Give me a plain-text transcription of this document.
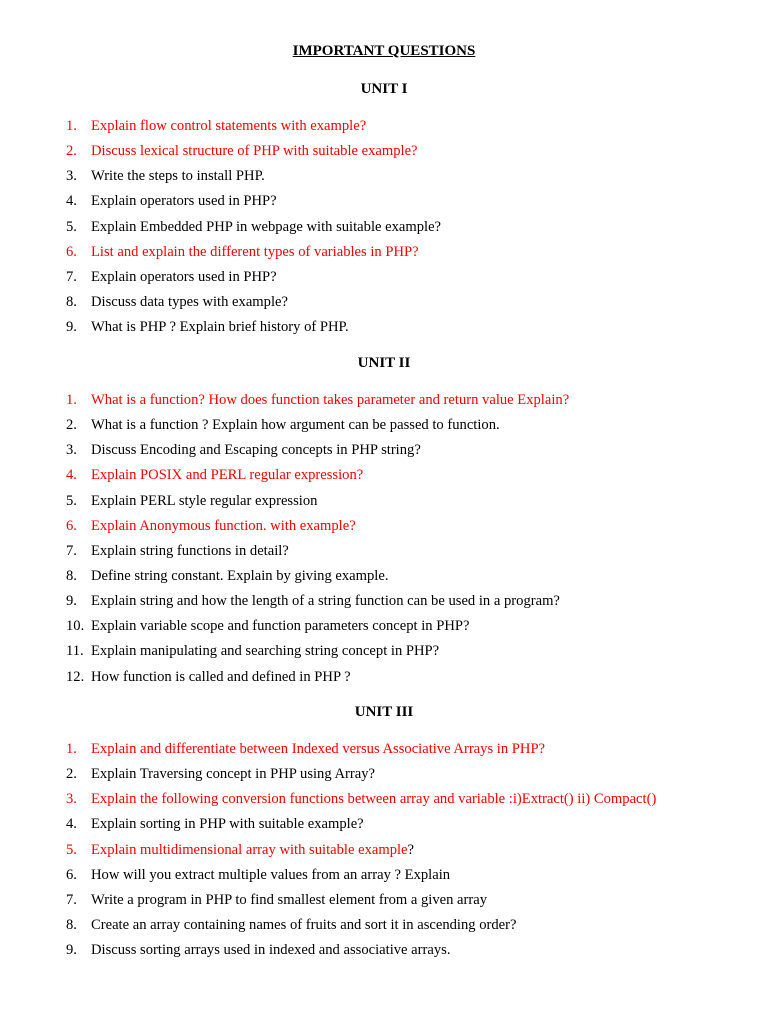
IMPORTANT QUESTIONS
UNIT I
1. Explain flow control statements with example?
2. Discuss lexical structure of PHP with suitable example?
3. Write the steps to install PHP.
4. Explain operators used in PHP?
5. Explain Embedded PHP in webpage with suitable example?
6. List and explain the different types of variables in PHP?
7. Explain operators used in PHP?
8. Discuss data types with example?
9. What is PHP ? Explain brief history of PHP.
UNIT II
1. What is a function? How does function takes parameter and return value Explain?
2. What is a function ? Explain how argument can be passed to function.
3. Discuss Encoding and Escaping concepts in PHP string?
4. Explain POSIX and PERL regular expression?
5. Explain PERL style regular expression
6. Explain Anonymous function. with example?
7. Explain string functions in detail?
8. Define string constant. Explain by giving example.
9. Explain string and how the length of a string function can be used in a program?
10. Explain variable scope and function parameters concept in PHP?
11. Explain manipulating and searching string concept in PHP?
12. How function is called and defined in PHP ?
UNIT III
1. Explain and differentiate between Indexed versus Associative Arrays in PHP?
2. Explain Traversing concept in PHP using Array?
3. Explain the following conversion functions between array and variable :i)Extract() ii) Compact()
4. Explain sorting in PHP with suitable example?
5. Explain multidimensional array with suitable example?
6. How will you extract multiple values from an array ? Explain
7. Write a program in PHP to find smallest element from a given array
8. Create an array containing names of fruits and sort it in ascending order?
9. Discuss sorting arrays used in indexed and associative arrays.
